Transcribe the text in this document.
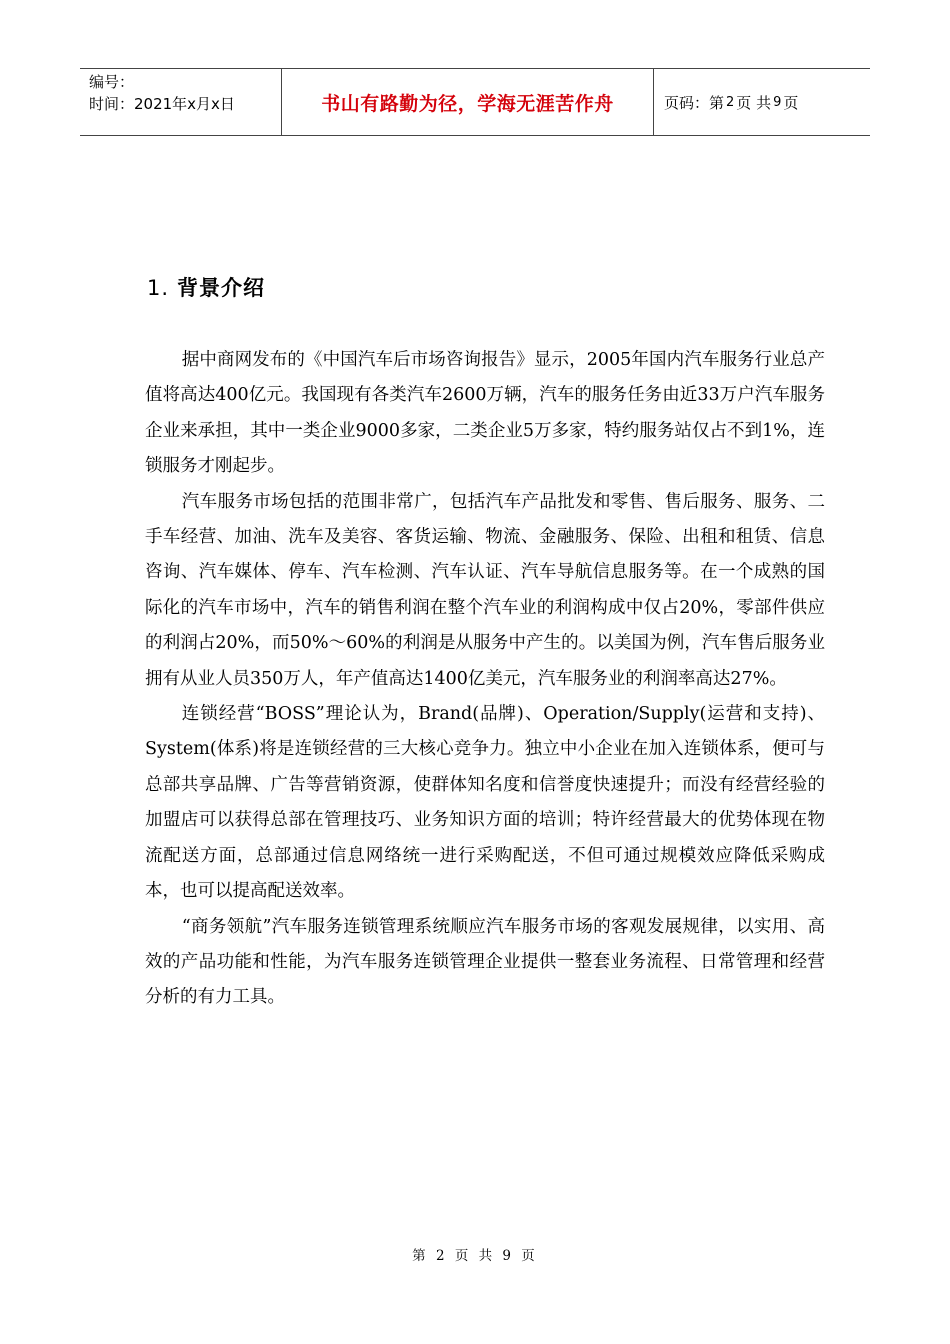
编号：
时间：2021年x月x日	书山有路勤为径，学海无涯苦作舟	页码：第 2 页 共 9 页
1. 背景介绍

据中商网发布的《中国汽车后市场咨询报告》显示，2005年国内汽车服务行业总产值将高达400亿元。我国现有各类汽车2600万辆，汽车的服务任务由近33万户汽车服务企业来承担，其中一类企业9000多家，二类企业5万多家，特约服务站仅占不到1%，连锁服务才刚起步。

汽车服务市场包括的范围非常广，包括汽车产品批发和零售、售后服务、服务、二手车经营、加油、洗车及美容、客货运输、物流、金融服务、保险、出租和租赁、信息咨询、汽车媒体、停车、汽车检测、汽车认证、汽车导航信息服务等。在一个成熟的国际化的汽车市场中，汽车的销售利润在整个汽车业的利润构成中仅占20%，零部件供应的利润占20%，而50%～60%的利润是从服务中产生的。以美国为例，汽车售后服务业拥有从业人员350万人，年产值高达1400亿美元，汽车服务业的利润率高达27%。

连锁经营“BOSS”理论认为，Brand(品牌)、Operation/Supply(运营和支持)、System(体系)将是连锁经营的三大核心竞争力。独立中小企业在加入连锁体系，便可与总部共享品牌、广告等营销资源，使群体知名度和信誉度快速提升；而没有经营经验的加盟店可以获得总部在管理技巧、业务知识方面的培训；特许经营最大的优势体现在物流配送方面，总部通过信息网络统一进行采购配送，不但可通过规模效应降低采购成本，也可以提高配送效率。

“商务领航”汽车服务连锁管理系统顺应汽车服务市场的客观发展规律，以实用、高效的产品功能和性能，为汽车服务连锁管理企业提供一整套业务流程、日常管理和经营分析的有力工具。

第 2 页 共 9 页
